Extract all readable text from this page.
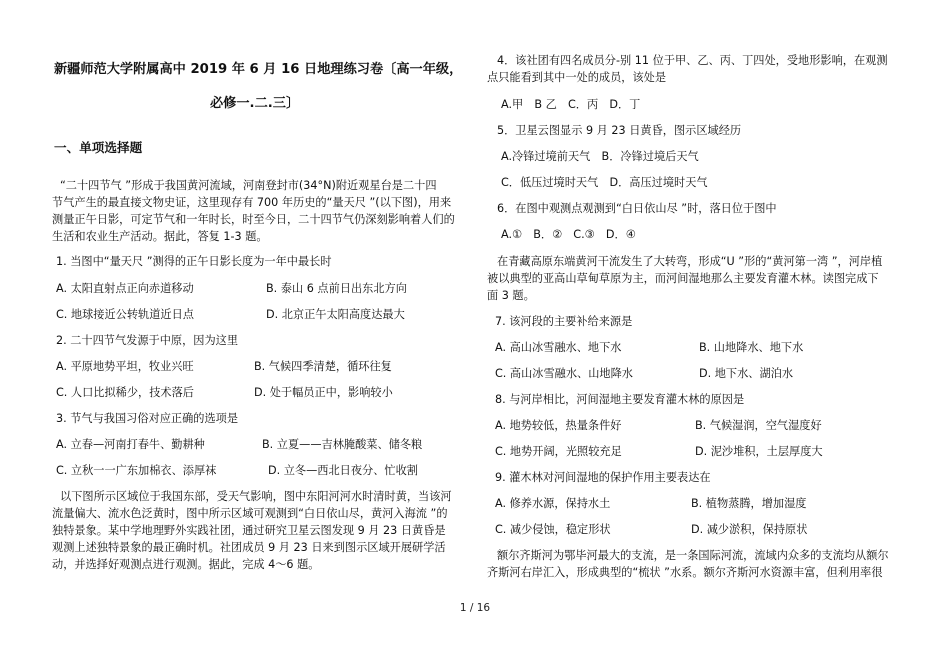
新疆师范大学附属高中 2019 年 6 月 16 日地理练习卷〔高一年级，
必修一.二.三〕
一、单项选择题
“二十四节气 ”形成于我国黄河流域，河南登封市(34°N)附近观星台是二十四
节气产生的最直接文物史证，这里现存有 700 年历史的“量天尺 ”(以下图)，用来
测量正午日影，可定节气和一年时长，时至今日，二十四节气仍深刻影响着人们的
生活和农业生产活动。据此，答复 1-3 题。
1. 当图中“量天尺 ”测得的正午日影长度为一年中最长时
A. 太阳直射点正向赤道移动	B. 泰山 6 点前日出东北方向
C. 地球接近公转轨道近日点	D. 北京正午太阳高度达最大
2. 二十四节气发源于中原，因为这里
A. 平原地势平坦，牧业兴旺	B. 气候四季清楚，循环往复
C. 人口比拟稀少，技术落后	D. 处于幅员正中，影响较小
3. 节气与我国习俗对应正确的选项是
A. 立春—河南打春牛、勤耕种	B. 立夏——吉林腌酸菜、储冬粮
C. 立秋一一广东加棉衣、添厚袜	D. 立冬—西北日夜分、忙收割
以下图所示区域位于我国东部，受天气影响，图中东阳河河水时清时黄，当该河
流量偏大、流水色泛黄时，图中所示区域可观测到“白日依山尽，黄河入海流 ”的
独特景象。某中学地理野外实践社团，通过研究卫星云图发现 9 月 23 日黄昏是
观测上述独特景象的最正确时机。社团成员 9 月 23 日来到图示区域开展研学活
动，并选择好观测点进行观测。据此，完成 4～6 题。
4．该社团有四名成员分-别 11 位于甲、乙、丙、丁四处，受地形影响，在观测
点只能看到其中一处的成员，该处是
A.甲　B 乙　C．丙　D．丁
5．卫星云图显示 9 月 23 日黄昏，图示区域经历
A.冷锋过境前天气　B．冷锋过境后天气
C．低压过境时天气　D．高压过境时天气
6．在图中观测点观测到“白日依山尽 ”时，落日位于图中
A.①　B．②　C.③　D．④
在青藏高原东端黄河干流发生了大转弯，形成“U ”形的“黄河第一湾 ”，河岸植
被以典型的亚高山草甸草原为主，而河间湿地那么主要发育灌木林。读图完成下
面 3 题。
7. 该河段的主要补给来源是
A. 高山冰雪融水、地下水	B. 山地降水、地下水
C. 高山冰雪融水、山地降水	D. 地下水、湖泊水
8. 与河岸相比，河间湿地主要发育灌木林的原因是
A. 地势较低，热量条件好	B. 气候湿润，空气湿度好
C. 地势开阔，光照较充足	D. 泥沙堆积，土层厚度大
9. 灌木林对河间湿地的保护作用主要表达在
A. 修养水源，保持水土	B. 植物蒸腾，增加湿度
C. 减少侵蚀，稳定形状	D. 减少淤积，保持原状
额尔齐斯河为鄂毕河最大的支流，是一条国际河流，流域内众多的支流均从额尔
齐斯河右岸汇入，形成典型的“梳状 ”水系。额尔齐斯河水资源丰富，但利用率很
1 / 16
